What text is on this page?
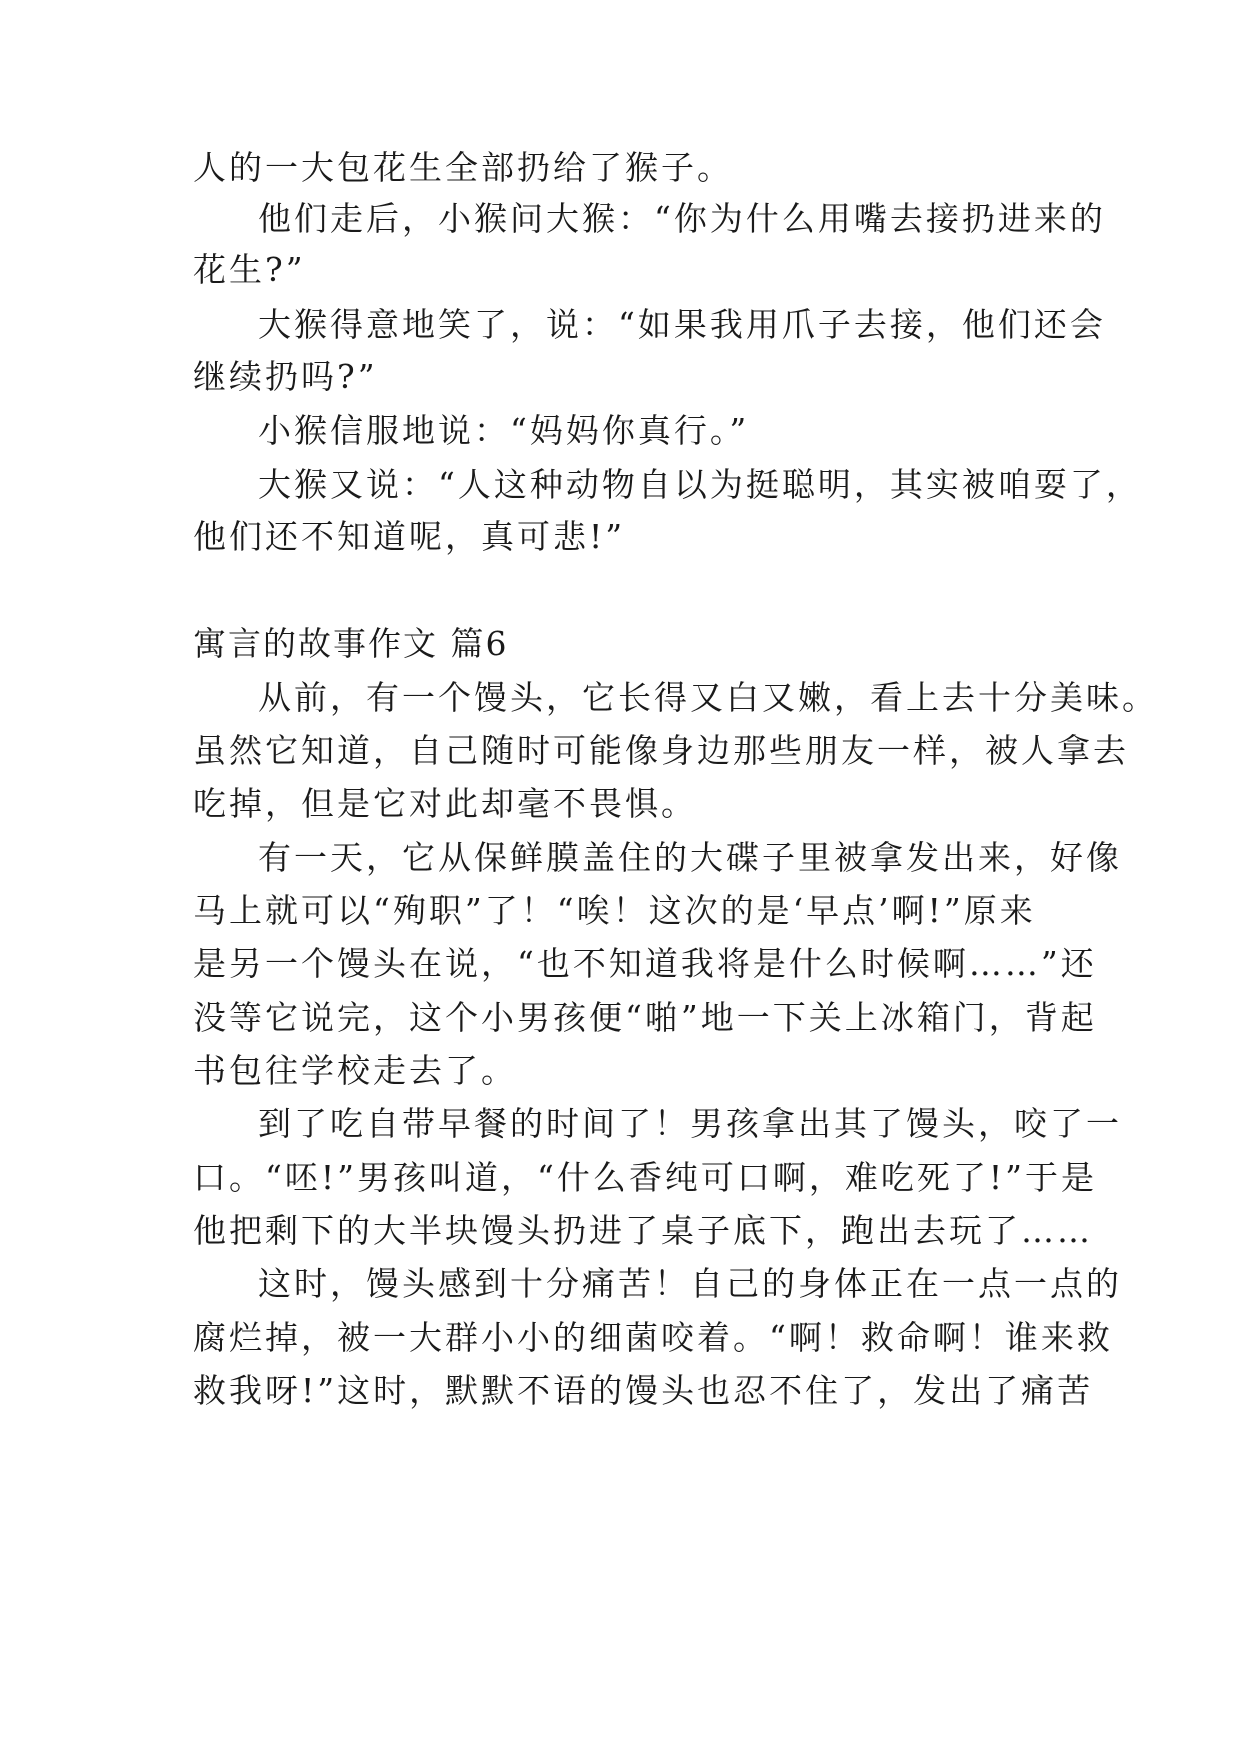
人的一大包花生全部扔给了猴子。
他们走后，小猴问大猴：“你为什么用嘴去接扔进来的
花生?”
大猴得意地笑了，说：“如果我用爪子去接，他们还会
继续扔吗?”
小猴信服地说：“妈妈你真行。”
大猴又说：“人这种动物自以为挺聪明，其实被咱耍了，
他们还不知道呢，真可悲!”
寓言的故事作文 篇6
从前，有一个馒头，它长得又白又嫩，看上去十分美味。
虽然它知道，自己随时可能像身边那些朋友一样，被人拿去
吃掉，但是它对此却毫不畏惧。
有一天，它从保鲜膜盖住的大碟子里被拿发出来，好像
马上就可以“殉职”了！“唉！这次的是‘早点’啊!”原来
是另一个馒头在说，“也不知道我将是什么时候啊……”还
没等它说完，这个小男孩便“啪”地一下关上冰箱门，背起
书包往学校走去了。
到了吃自带早餐的时间了！男孩拿出其了馒头，咬了一
口。“呸!”男孩叫道，“什么香纯可口啊，难吃死了!”于是
他把剩下的大半块馒头扔进了桌子底下，跑出去玩了……
这时，馒头感到十分痛苦！自己的身体正在一点一点的
腐烂掉，被一大群小小的细菌咬着。“啊！救命啊！谁来救
救我呀!”这时，默默不语的馒头也忍不住了，发出了痛苦
